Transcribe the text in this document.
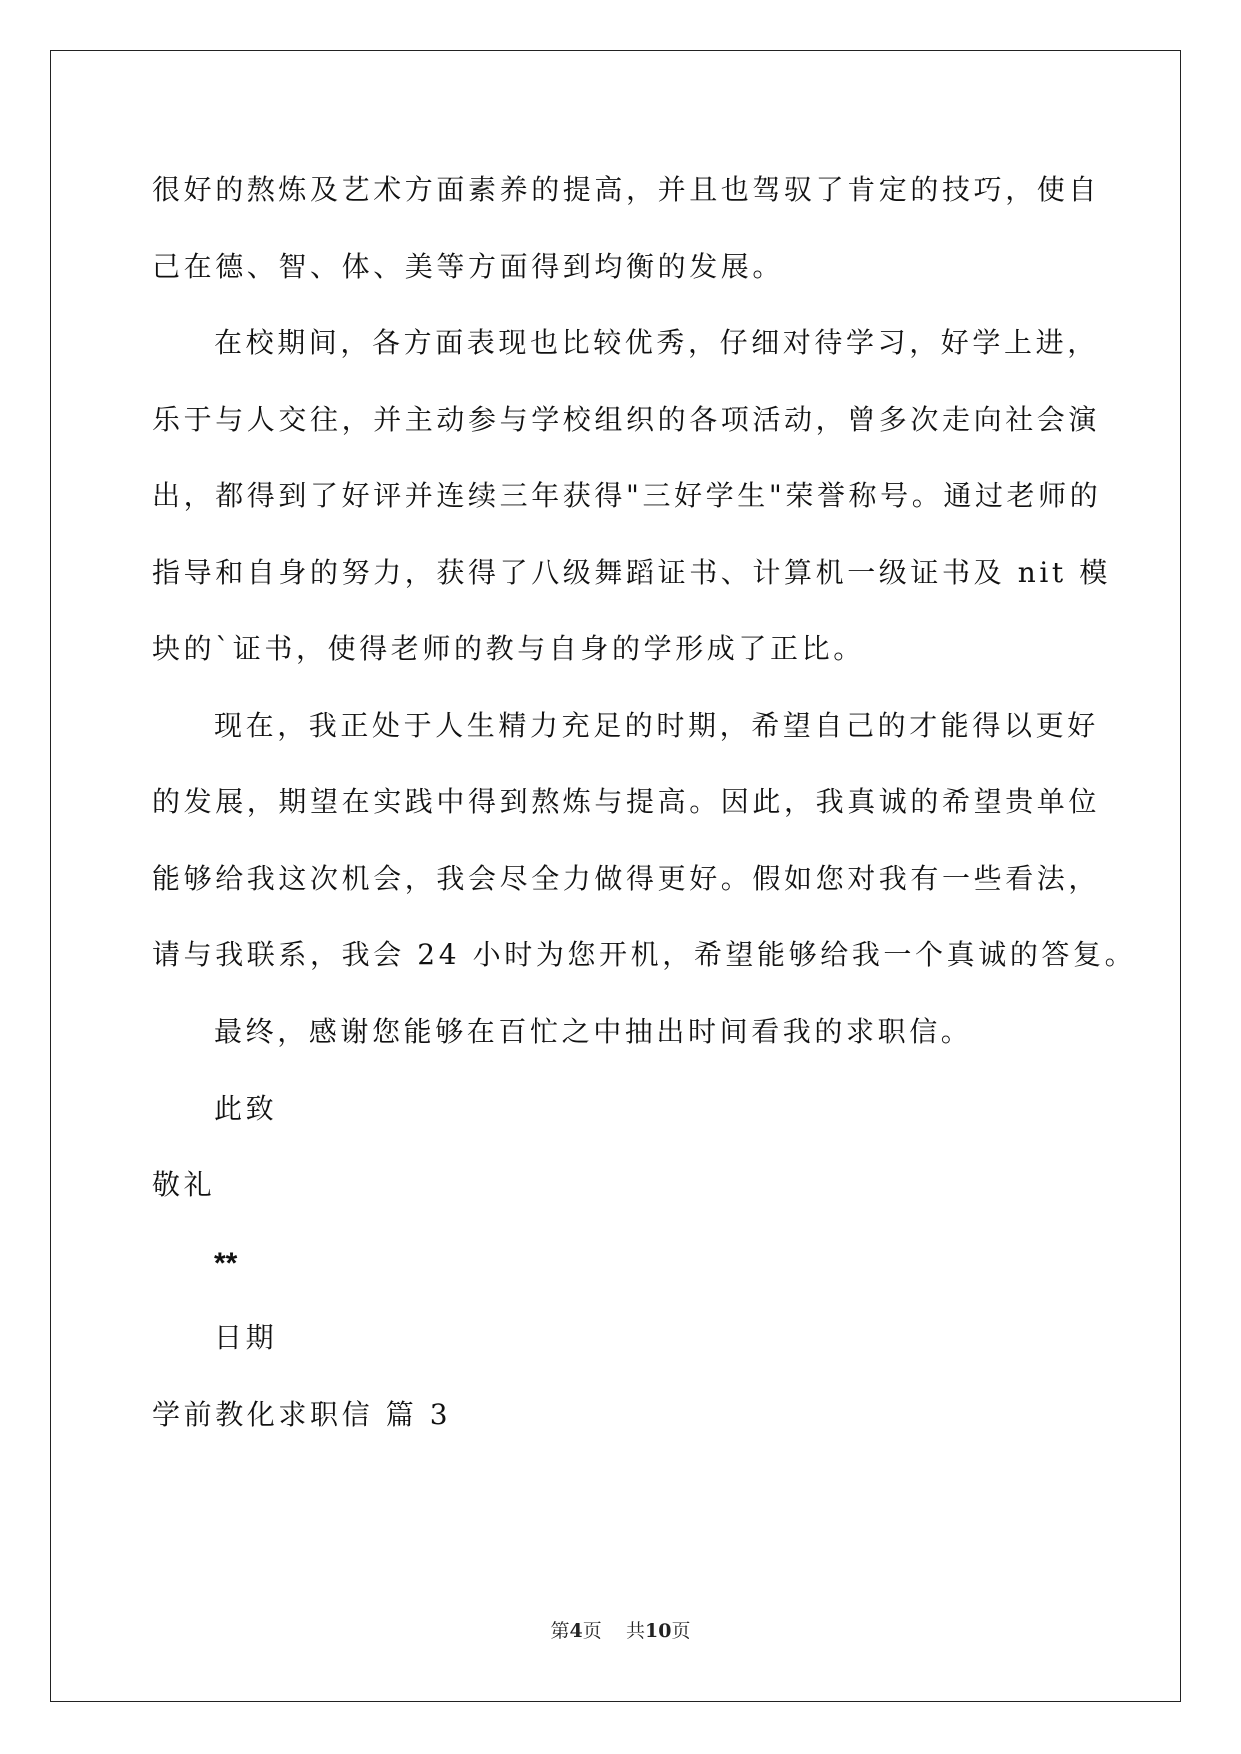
很好的熬炼及艺术方面素养的提高，并且也驾驭了肯定的技巧，使自
己在德、智、体、美等方面得到均衡的发展。
在校期间，各方面表现也比较优秀，仔细对待学习，好学上进，
乐于与人交往，并主动参与学校组织的各项活动，曾多次走向社会演
出，都得到了好评并连续三年获得"三好学生"荣誉称号。通过老师的
指导和自身的努力，获得了八级舞蹈证书、计算机一级证书及 nit 模
块的`证书，使得老师的教与自身的学形成了正比。
现在，我正处于人生精力充足的时期，希望自己的才能得以更好
的发展，期望在实践中得到熬炼与提高。因此，我真诚的希望贵单位
能够给我这次机会，我会尽全力做得更好。假如您对我有一些看法，
请与我联系，我会 24 小时为您开机，希望能够给我一个真诚的答复。
最终，感谢您能够在百忙之中抽出时间看我的求职信。
此致
敬礼
**
日期
学前教化求职信 篇 3
第4页 共10页
